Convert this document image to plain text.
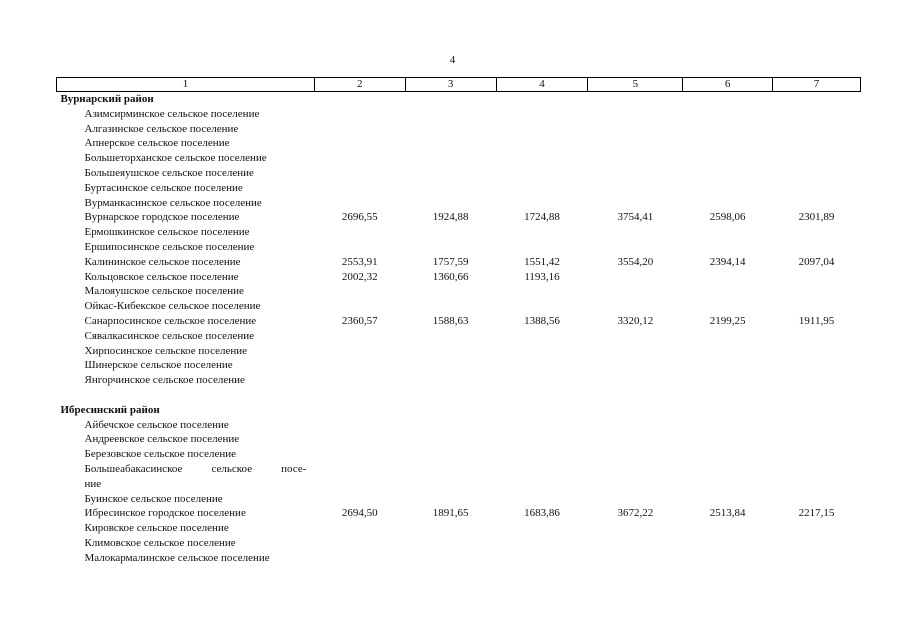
4
1	2	3	4	5	6	7
Вурнарский район						
Азимсирминское сельское поселение						
Алгазинское сельское поселение						
Апнерское сельское поселение						
Большеторханское сельское поселение						
Большеяушское сельское поселение						
Буртасинское сельское поселение						
Вурманкасинское сельское поселение						
Вурнарское городское поселение	2696,55	1924,88	1724,88	3754,41	2598,06	2301,89
Ермошкинское сельское поселение						
Ершипосинское сельское поселение						
Калининское сельское поселение	2553,91	1757,59	1551,42	3554,20	2394,14	2097,04
Кольцовское сельское поселение	2002,32	1360,66	1193,16			
Малояушское сельское поселение						
Ойкас-Кибекское сельское поселение						
Санарпосинское сельское поселение	2360,57	1588,63	1388,56	3320,12	2199,25	1911,95
Сявалкасинское сельское поселение						
Хирпосинское сельское поселение						
Шинерское сельское поселение						
Янгорчинское сельское поселение						

Ибресинский район						
Айбечское сельское поселение						
Андреевское сельское поселение						
Березовское сельское поселение						
Большеабакасинское сельское посе-						
ние						
Буинское сельское поселение						
Ибресинское городское поселение	2694,50	1891,65	1683,86	3672,22	2513,84	2217,15
Кировское сельское поселение						
Климовское сельское поселение						
Малокармалинское сельское поселение						
